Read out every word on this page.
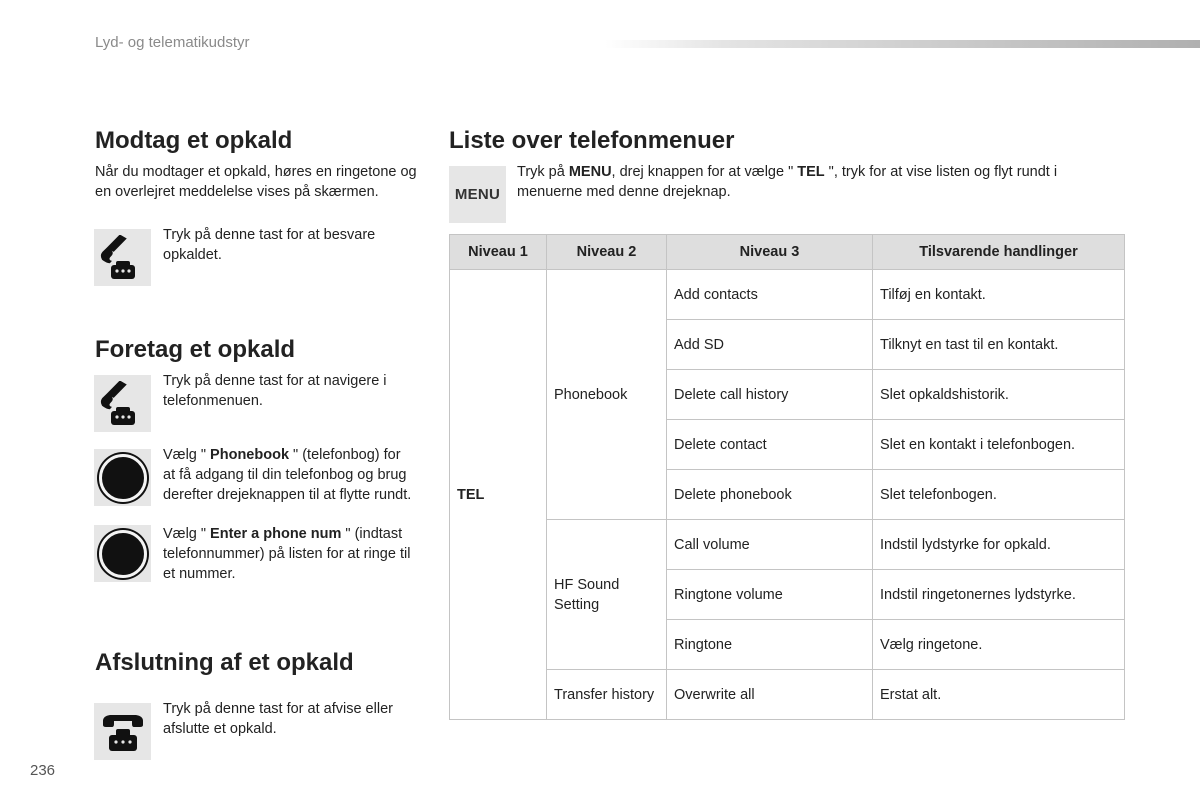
Lyd- og telematikudstyr
Modtag et opkald
Når du modtager et opkald, høres en ringetone og en overlejret meddelelse vises på skærmen.
Tryk på denne tast for at besvare opkaldet.
Foretag et opkald
Tryk på denne tast for at navigere i telefonmenuen.
Vælg " Phonebook " (telefonbog) for at få adgang til din telefonbog og brug derefter drejeknappen til at flytte rundt.
Vælg " Enter a phone num " (indtast telefonnummer) på listen for at ringe til et nummer.
Afslutning af et opkald
Tryk på denne tast for at afvise eller afslutte et opkald.
236
Liste over telefonmenuer
MENU
Tryk på MENU, drej knappen for at vælge " TEL ", tryk for at vise listen og flyt rundt i menuerne med denne drejeknap.
Niveau 1	Niveau 2	Niveau 3	Tilsvarende handlinger
TEL	Phonebook	Add contacts	Tilføj en kontakt.
		Add SD	Tilknyt en tast til en kontakt.
		Delete call history	Slet opkaldshistorik.
		Delete contact	Slet en kontakt i telefonbogen.
		Delete phonebook	Slet telefonbogen.
	HF Sound Setting	Call volume	Indstil lydstyrke for opkald.
		Ringtone volume	Indstil ringetonernes lydstyrke.
		Ringtone	Vælg ringetone.
	Transfer history	Overwrite all	Erstat alt.
